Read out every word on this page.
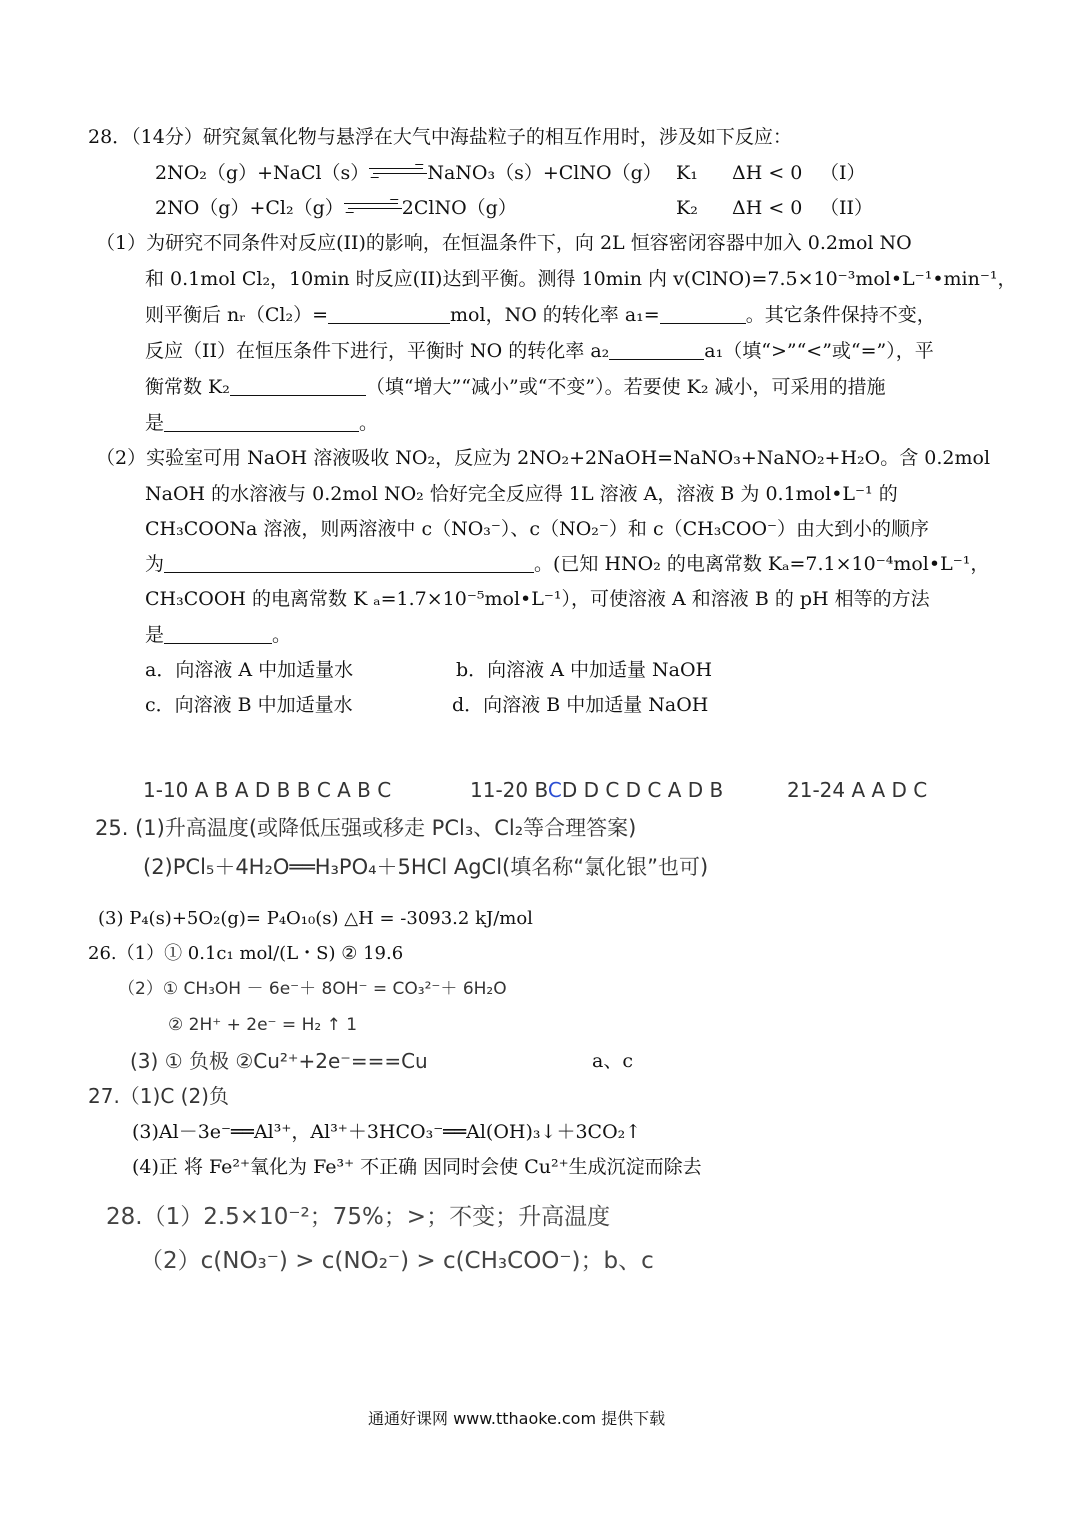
28．（14分）研究氮氧化物与悬浮在大气中海盐粒子的相互作用时，涉及如下反应：
2NO₂（g）+NaCl（s）→NaNO₃（s）+ClNO（g） K₁ ΔH < 0 （I）
2NO（g）+Cl₂（g）→2ClNO（g）	K₂ ΔH < 0 （II）
（1）为研究不同条件对反应(II)的影响，在恒温条件下，向 2L 恒容密闭容器中加入 0.2mol NO
和 0.1mol Cl₂，10min 时反应(II)达到平衡。测得 10min 内 v(ClNO)=7.5×10⁻³mol•L⁻¹•min⁻¹，
则平衡后 nᵣ（Cl₂）=	mol，NO 的转化率 a₁=	。其它条件保持不变，
反应（II）在恒压条件下进行，平衡时 NO 的转化率 a₂	a₁（填“>”“<”或“=”），平
衡常数 K₂	（填“增大”“减小”或“不变”）。若要使 K₂ 减小，可采用的措施
是	。
（2）实验室可用 NaOH 溶液吸收 NO₂，反应为 2NO₂+2NaOH=NaNO₃+NaNO₂+H₂O。含 0.2mol
NaOH 的水溶液与 0.2mol NO₂ 恰好完全反应得 1L 溶液 A，溶液 B 为 0.1mol•L⁻¹ 的
CH₃COONa 溶液，则两溶液中 c（NO₃⁻）、c（NO₂⁻）和 c（CH₃COO⁻）由大到小的顺序
为	。(已知 HNO₂ 的电离常数 Kₐ=7.1×10⁻⁴mol•L⁻¹，
CH₃COOH 的电离常数 K ₐ=1.7×10⁻⁵mol•L⁻¹），可使溶液 A 和溶液 B 的 pH 相等的方法
是	。
a．向溶液 A 中加适量水	b．向溶液 A 中加适量 NaOH
c．向溶液 B 中加适量水	d．向溶液 B 中加适量 NaOH
1-10 A B A D B B C A B C	11-20 BCD D C D C A D B	21-24 A A D C
25. (1)升高温度(或降低压强或移走 PCl₃、Cl₂等合理答案)
(2)PCl₅＋4H₂O══H₃PO₄＋5HCl AgCl(填名称“氯化银”也可)
(3) P₄(s)+5O₂(g)= P₄O₁₀(s) △H = -3093.2 kJ/mol
26.（1）① 0.1c₁ mol/(L・S) ② 19.6
（2）① CH₃OH － 6e⁻＋ 8OH⁻ = CO₃²⁻＋ 6H₂O
② 2H⁺ + 2e⁻ = H₂ ↑ 1
(3) ① 负极 ②Cu²⁺+2e⁻===Cu	a、c
27.（1)C (2)负
(3)Al－3e⁻══Al³⁺，Al³⁺＋3HCO₃⁻══Al(OH)₃↓＋3CO₂↑
(4)正 将 Fe²⁺氧化为 Fe³⁺ 不正确 因同时会使 Cu²⁺生成沉淀而除去
28.（1）2.5×10⁻²；75%；>；不变；升高温度
（2）c(NO₃⁻) > c(NO₂⁻) > c(CH₃COO⁻)；b、c
通通好课网 www.tthaoke.com 提供下载
